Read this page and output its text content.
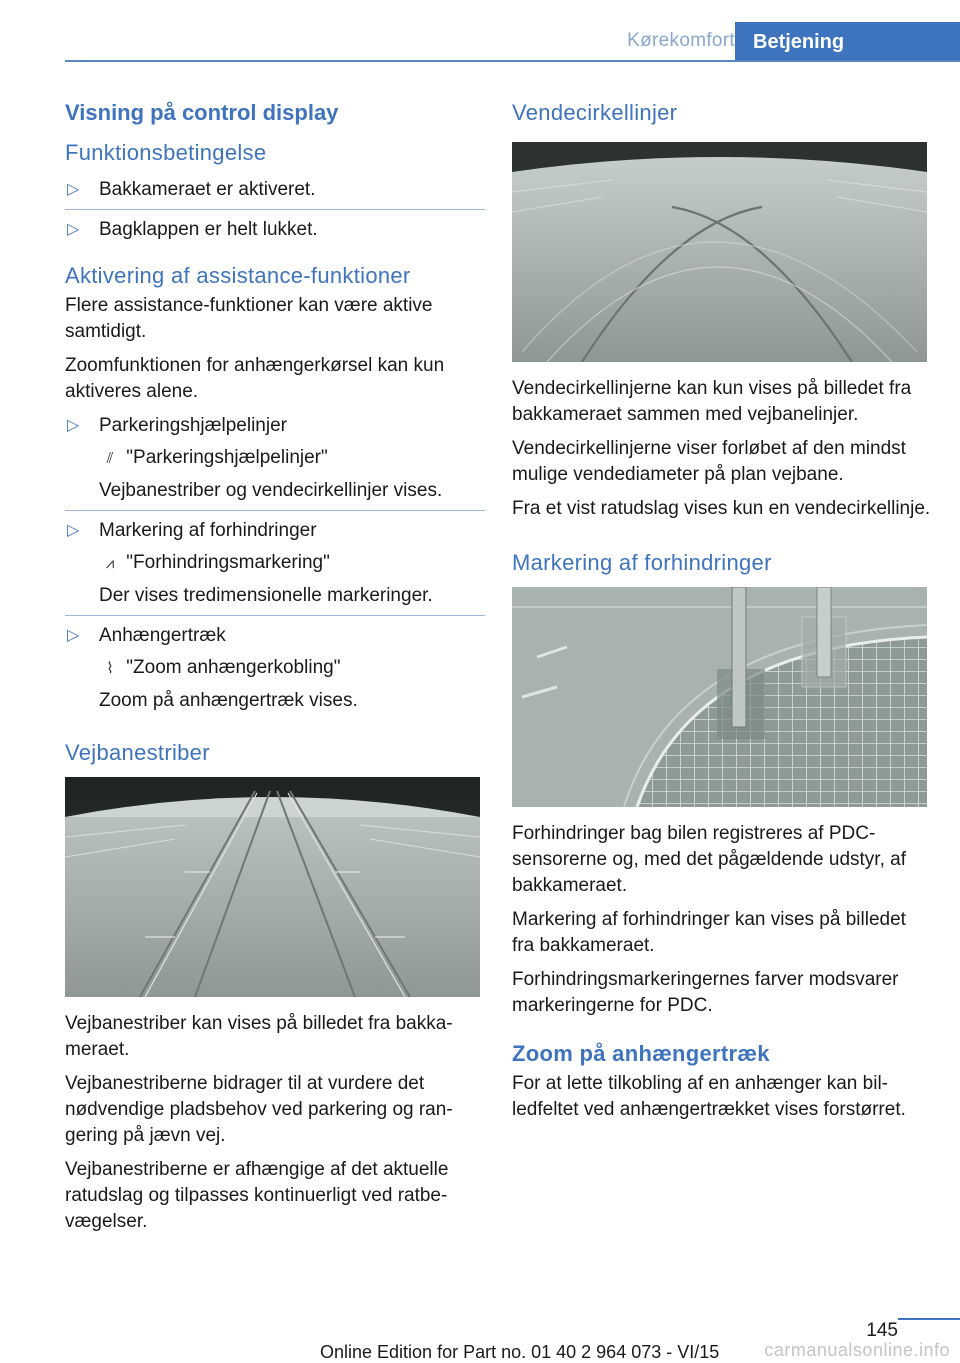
Kørekomfort Betjening
Visning på control display
Funktionsbetingelse
▷ Bakkameraet er aktiveret.
▷ Bagklappen er helt lukket.
Aktivering af assistance-funktioner

Flere assistance-funktioner kan være aktive samtidigt.

Zoomfunktionen for anhængerkørsel kan kun aktiveres alene.

▷ Parkeringshjælpelinjer
⫽ "Parkeringshjælpelinjer"
Vejbanestriber og vendecirkellinjer vises.
▷ Markering af forhindringer
⩘ "Forhindringsmarkering"
Der vises tredimensionelle markeringer.
▷ Anhængertræk
⌇ "Zoom anhængerkobling"
Zoom på anhængertræk vises.
Vejbanestriber

Vejbanestriber kan vises på billedet fra bakkameraet.

Vejbanestriberne bidrager til at vurdere det nødvendige pladsbehov ved parkering og rangering på jævn vej.

Vejbanestriberne er afhængige af det aktuelle ratudslag og tilpasses kontinuerligt ved ratbevægelser.

Vendecirkellinjer

Vendecirkellinjerne kan kun vises på billedet fra bakkameraet sammen med vejbanelinjer.

Vendecirkellinjerne viser forløbet af den mindst mulige vendediameter på plan vejbane.

Fra et vist ratudslag vises kun en vendecirkellinje.

Markering af forhindringer

Forhindringer bag bilen registreres af PDC-sensorerne og, med det pågældende udstyr, af bakkameraet.

Markering af forhindringer kan vises på billedet fra bakkameraet.

Forhindringsmarkeringernes farver modsvarer markeringerne for PDC.

Zoom på anhængertræk

For at lette tilkobling af en anhænger kan billedfeltet ved anhængertrækket vises forstørret.

145
Online Edition for Part no. 01 40 2 964 073 - VI/15	carmanualsonline.info
